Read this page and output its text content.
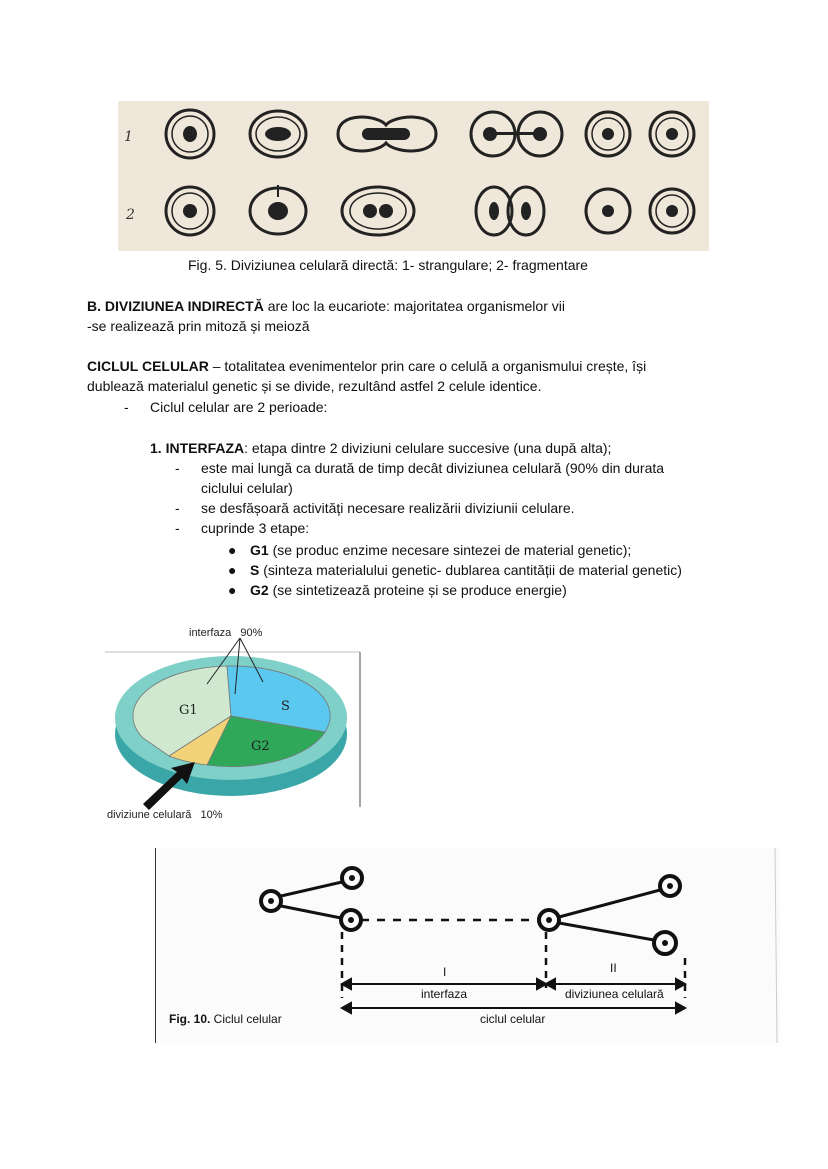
1
2
Fig. 5. Diviziunea celulară directă: 1- strangulare; 2- fragmentare
B. DIVIZIUNEA INDIRECTĂ are loc la eucariote: majoritatea organismelor vii
-se realizează prin mitoză și meioză
CICLUL CELULAR – totalitatea evenimentelor prin care o celulă a organismului crește, își
dublează materialul genetic și se divide, rezultând astfel 2 celule identice.
- Ciclul celular are 2 perioade:
1. INTERFAZA: etapa dintre 2 diviziuni celulare succesive (una după alta);
- este mai lungă ca durată de timp decât diviziunea celulară (90% din durata
ciclului celular)
- se desfășoară activități necesare realizării diviziunii celulare.
- cuprinde 3 etape:
● G1 (se produc enzime necesare sintezei de material genetic);
● S (sinteza materialului genetic- dublarea cantității de material genetic)
● G2 (se sintetizează proteine și se produce energie)
interfaza   90%
G1	S
G2
diviziune celulară   10%
I	II
interfaza	diviziunea celulară
ciclul celular
Fig. 10. Ciclul celular
